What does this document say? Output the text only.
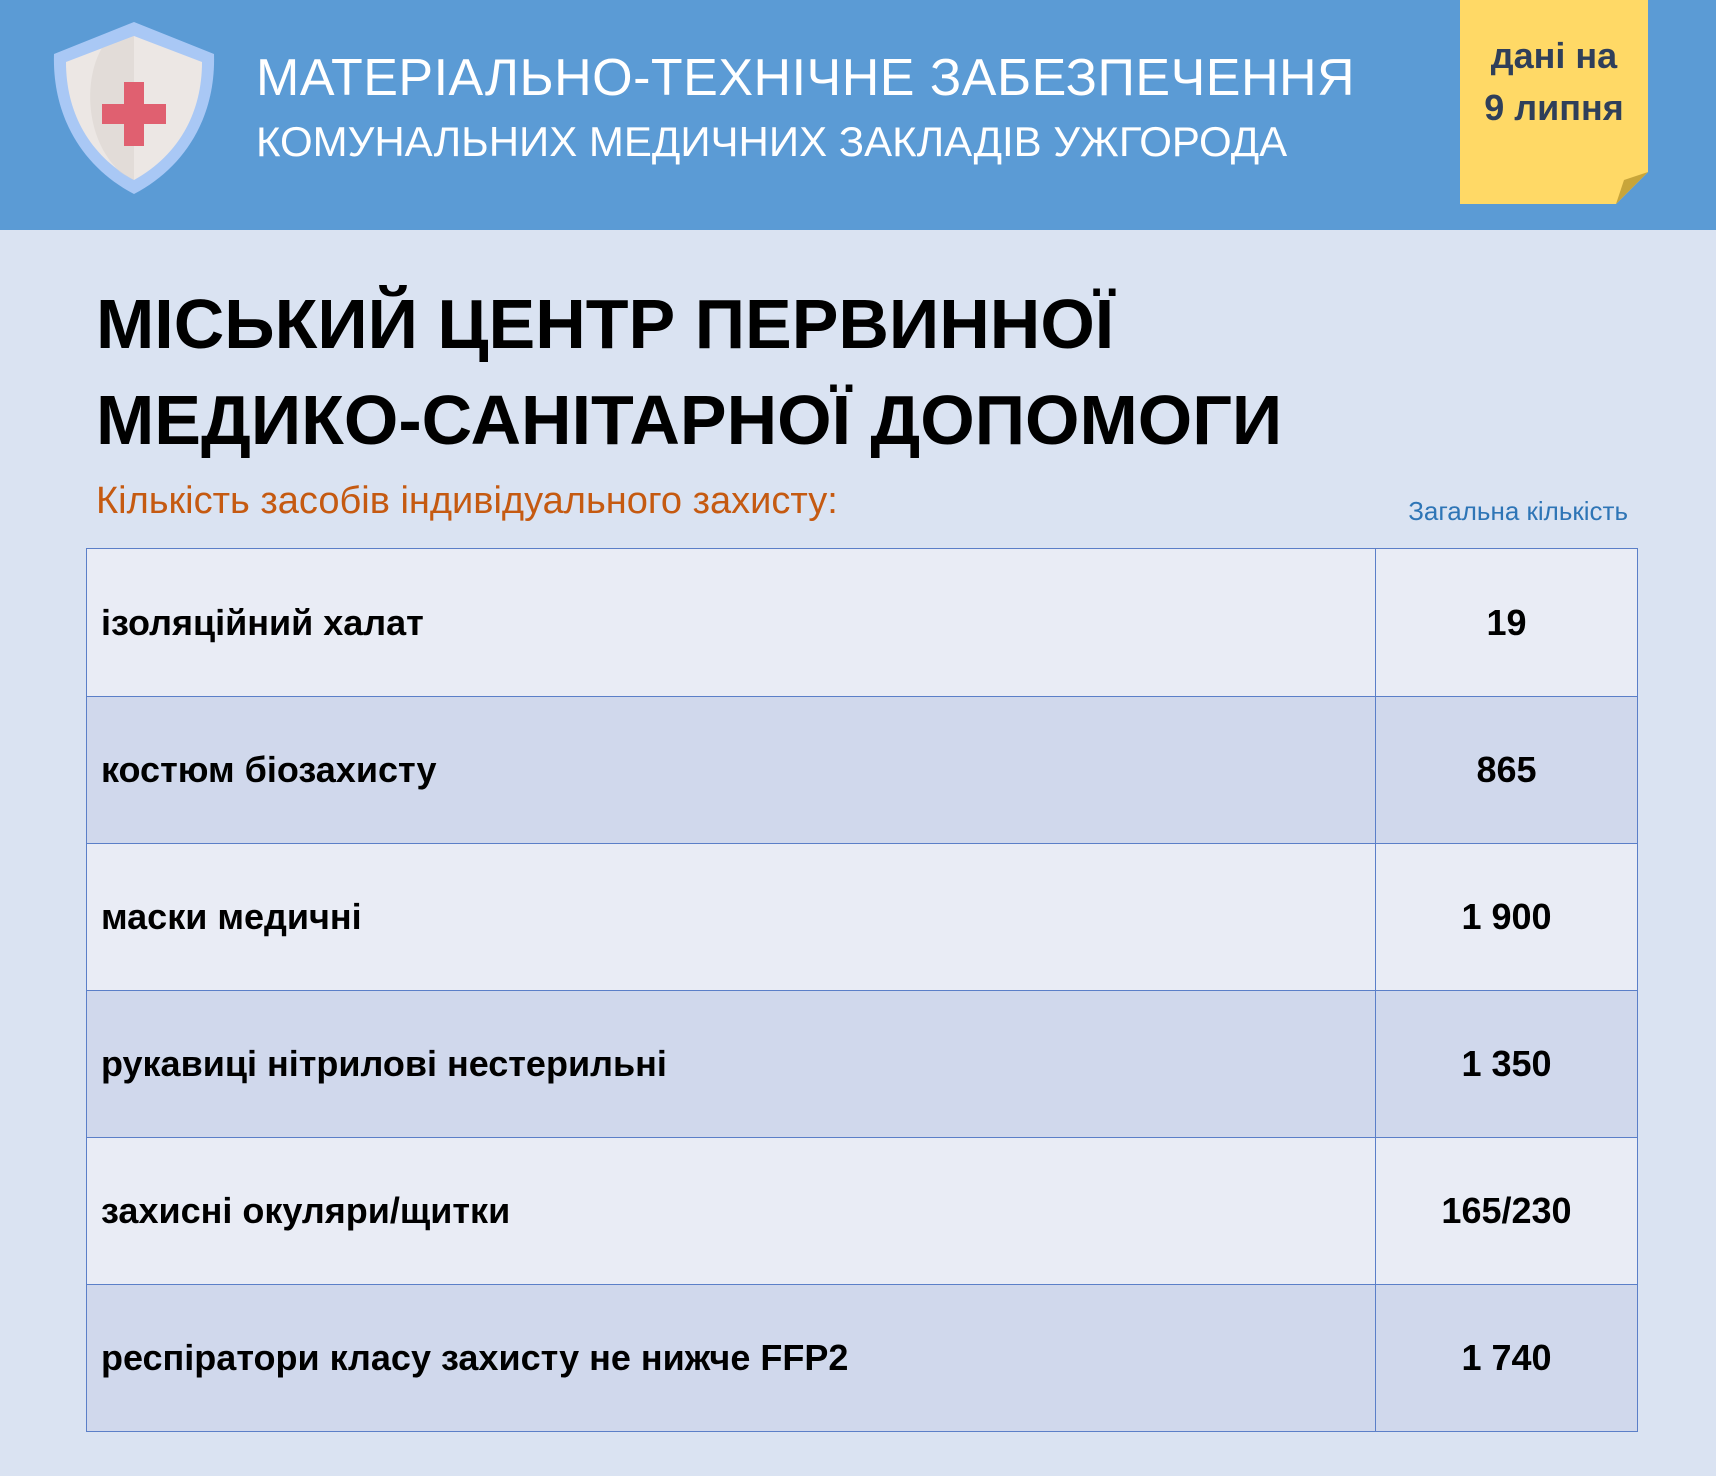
МАТЕРІАЛЬНО-ТЕХНІЧНЕ ЗАБЕЗПЕЧЕННЯ
КОМУНАЛЬНИХ МЕДИЧНИХ ЗАКЛАДІВ УЖГОРОДА
дані на
9 липня
МІСЬКИЙ ЦЕНТР ПЕРВИННОЇ
МЕДИКО-САНІТАРНОЇ ДОПОМОГИ
Кількість засобів індивідуального захисту:	Загальна кількість
ізоляційний халат	19
костюм біозахисту	865
маски медичні	1 900
рукавиці нітрилові нестерильні	1 350
захисні окуляри/щитки	165/230
респіратори класу захисту не нижче FFP2	1 740
